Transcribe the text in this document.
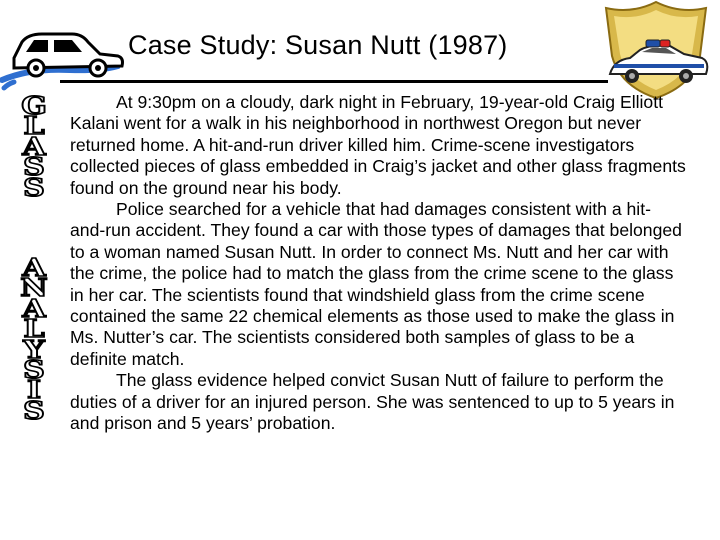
Case Study: Susan Nutt (1987)
G
L
A
S
S
A
N
A
L
Y
S
I
S

At 9:30pm on a cloudy, dark night in February, 19-year-old Craig Elliott Kalani went for a walk in his neighborhood in northwest Oregon but never returned home. A hit-and-run driver killed him. Crime-scene investigators collected pieces of glass embedded in Craig’s jacket and other glass fragments found on the ground near his body.

Police searched for a vehicle that had damages consistent with a hit-and-run accident. They found a car with those types of damages that belonged to a woman named Susan Nutt. In order to connect Ms. Nutt and her car with the crime, the police had to match the glass from the crime scene to the glass in her car. The scientists found that windshield glass from the crime scene contained the same 22 chemical elements as those used to make the glass in Ms. Nutter’s car. The scientists considered both samples of glass to be a definite match.

The glass evidence helped convict Susan Nutt of failure to perform the duties of a driver for an injured person. She was sentenced to up to 5 years in and prison and 5 years’ probation.
